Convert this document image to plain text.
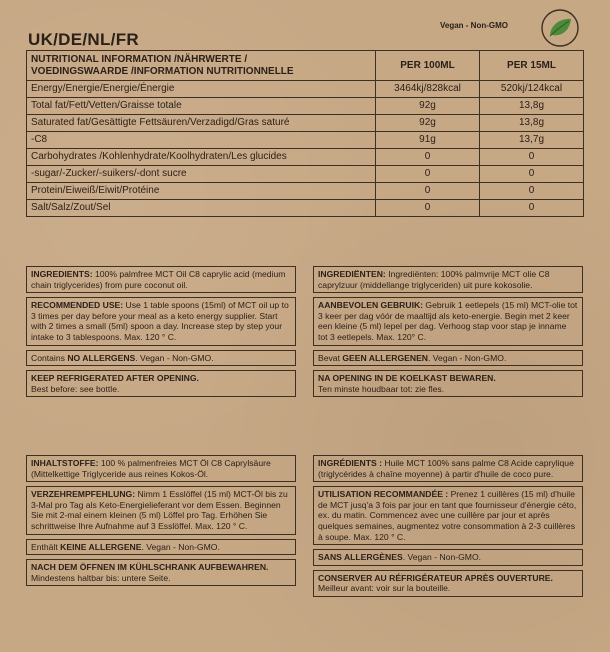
UK/DE/NL/FR
Vegan - Non-GMO
NUTRITIONAL INFORMATION /NÄHRWERTE /
VOEDINGSWAARDE /INFORMATION NUTRITIONNELLE	PER 100ML	PER 15ML
Energy/Energie/Energie/Énergie	3464kj/828kcal	520kj/124kcal
Total fat/Fett/Vetten/Graisse totale	92g	13,8g
Saturated fat/Gesättigte Fettsäuren/Verzadigd/Gras saturé	92g	13,8g
-C8	91g	13,7g
Carbohydrates /Kohlenhydrate/Koolhydraten/Les glucides	0	0
-sugar/-Zucker/-suikers/-dont sucre	0	0
Protein/Eiweiß/Eiwit/Protéine	0	0
Salt/Salz/Zout/Sel	0	0
INGREDIENTS: 100% palmfree MCT Oil C8 caprylic acid (medium chain triglycerides) from pure coconut oil.
RECOMMENDED USE: Use 1 table spoons (15ml) of MCT oil up to 3 times per day before your meal as a keto energy supplier. Start with 2 times a small (5ml) spoon a day. Increase step by step your intake to 3 tablespoons. Max. 120 ° C.
Contains NO ALLERGENS. Vegan - Non-GMO.
KEEP REFRIGERATED AFTER OPENING.
Best before: see bottle.
INGREDIËNTEN: Ingrediënten: 100% palmvrije MCT olie C8 caprylzuur (middellange triglyceriden) uit pure kokosolie.
AANBEVOLEN GEBRUIK: Gebruik 1 eetlepels (15 ml) MCT-olie tot 3 keer per dag vóór de maaltijd als keto-energie. Begin met 2 keer een kleine (5 ml) lepel per dag. Verhoog stap voor stap je inname tot 3 eetlepels. Max. 120° C.
Bevat GEEN ALLERGENEN. Vegan - Non-GMO.
NA OPENING IN DE KOELKAST BEWAREN.
Ten minste houdbaar tot: zie fles.
INHALTSTOFFE: 100 % palmenfreies MCT Öl C8 Caprylsäure (Mittelkettige Triglyceride aus reines Kokos-Öl.
VERZEHREMPFEHLUNG: Nimm 1 Esslöffel (15 ml) MCT-Öl bis zu 3-Mal pro Tag als Keto-Energielieferant vor dem Essen. Beginnen Sie mit 2-mal einem kleinen (5 ml) Löffel pro Tag. Erhöhen Sie schrittweise Ihre Aufnahme auf 3 Esslöffel. Max. 120 ° C.
Enthält KEINE ALLERGENE. Vegan - Non-GMO.
NACH DEM ÖFFNEN IM KÜHLSCHRANK AUFBEWAHREN.
Mindestens haltbar bis: untere Seite.
INGRÉDIENTS : Huile MCT 100% sans palme C8 Acide caprylique (triglycérides à chaîne moyenne) à partir d'huile de coco pure.
UTILISATION RECOMMANDÉE : Prenez 1 cuillères (15 ml) d'huile de MCT jusq'a 3 fois par jour en tant que fournisseur d'énergie céto, ex. du matin. Commencez avec une cuillère par jour et après quelques semaines, augmentez votre consommation à 2-3 cuillères à soupe. Max. 120 ° C.
SANS ALLERGÈNES. Vegan - Non-GMO.
CONSERVER AU RÉFRIGÉRATEUR APRÈS OUVERTURE.
Meilleur avant: voir sur la bouteille.
